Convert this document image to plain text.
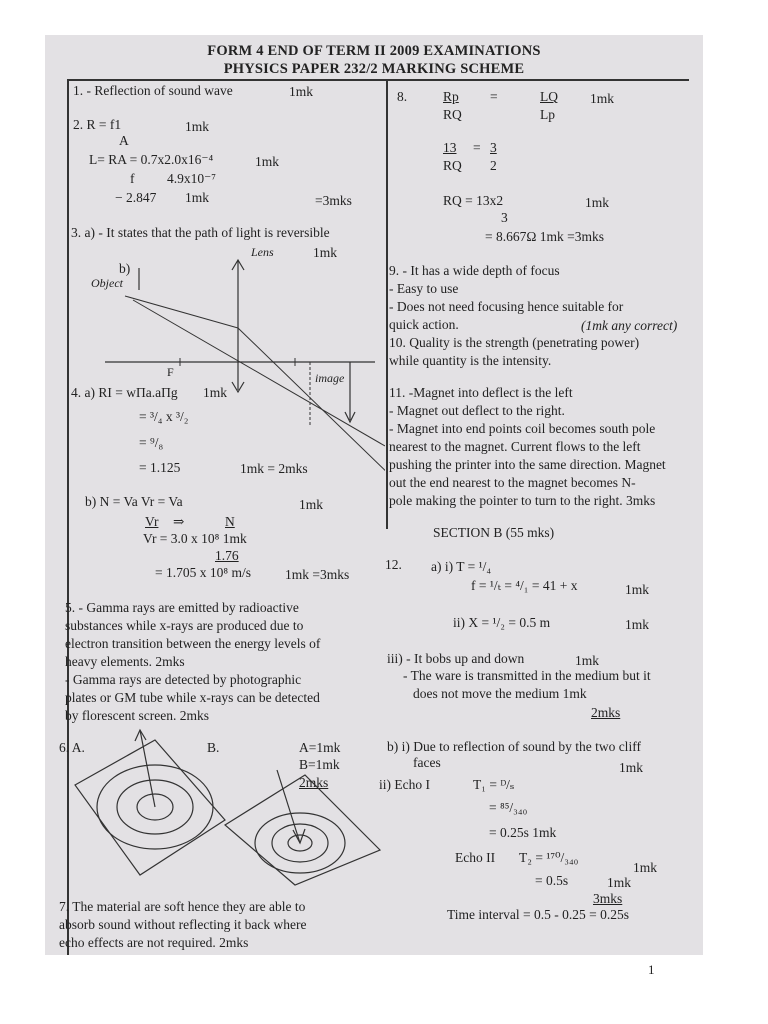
FORM 4 END OF TERM II 2009 EXAMINATIONS
PHYSICS PAPER 232/2 MARKING SCHEME
1. - Reflection of sound wave	1mk
2. R = f1
A
1mk
L= RA = 0.7x2.0x16⁻⁴	1mk
f 4.9x10⁻⁷
− 2.847 1mk	=3mks
3. a) - It states that the path of light is reversible
1mk
b)
Object
Lens
image
F
4. a) RI = wΠa.aΠg 1mk
= ³/₄ x ³/₂
= ⁹/₈
= 1.125	1mk = 2mks
b) N = Va Vr = Va	1mk
Vr ⇒	N
Vr = 3.0 x 10⁸ 1mk
1.76
= 1.705 x 10⁸ m/s	1mk =3mks
5. - Gamma rays are emitted by radioactive
substances while x-rays are produced due to
electron transition between the energy levels of
heavy elements. 2mks
- Gamma rays are detected by photographic
plates or GM tube while x-rays can be detected
by florescent screen. 2mks
6. A.	B.	A=1mk
B=1mk
2mks
7. The material are soft hence they are able to
absorb sound without reflecting it back where
echo effects are not required. 2mks
8.	Rp
RQ
=	LQ
Lp
1mk
13
RQ
= 3
2
RQ = 13x2
3
1mk
= 8.667Ω 1mk =3mks
9. - It has a wide depth of focus
- Easy to use
- Does not need focusing hence suitable for
quick action.	(1mk any correct)
10. Quality is the strength (penetrating power)
while quantity is the intensity.
11. -Magnet into deflect is the left
- Magnet out deflect to the right.
- Magnet into end points coil becomes south pole
nearest to the magnet. Current flows to the left
pushing the printer into the same direction. Magnet
out the end nearest to the magnet becomes N-
pole making the pointer to turn to the right. 3mks
SECTION B (55 mks)
12. a) i) T = ¹/₄
f = ¹/ₜ = ⁴/₁ = 41 + x	1mk
ii) X = ¹/₂ = 0.5 m	1mk
iii) - It bobs up and down	1mk
- The ware is transmitted in the medium but it
does not move the medium 1mk
2mks
b) i) Due to reflection of sound by the two cliff
faces	1mk
ii) Echo I	T₁ = ᴰ/ₛ
= ⁸⁵/₃₄₀
= 0.25s 1mk
Echo II T₂ = ¹⁷⁰/₃₄₀
1mk
= 0.5s	1mk
3mks
Time interval = 0.5 - 0.25 = 0.25s
1
